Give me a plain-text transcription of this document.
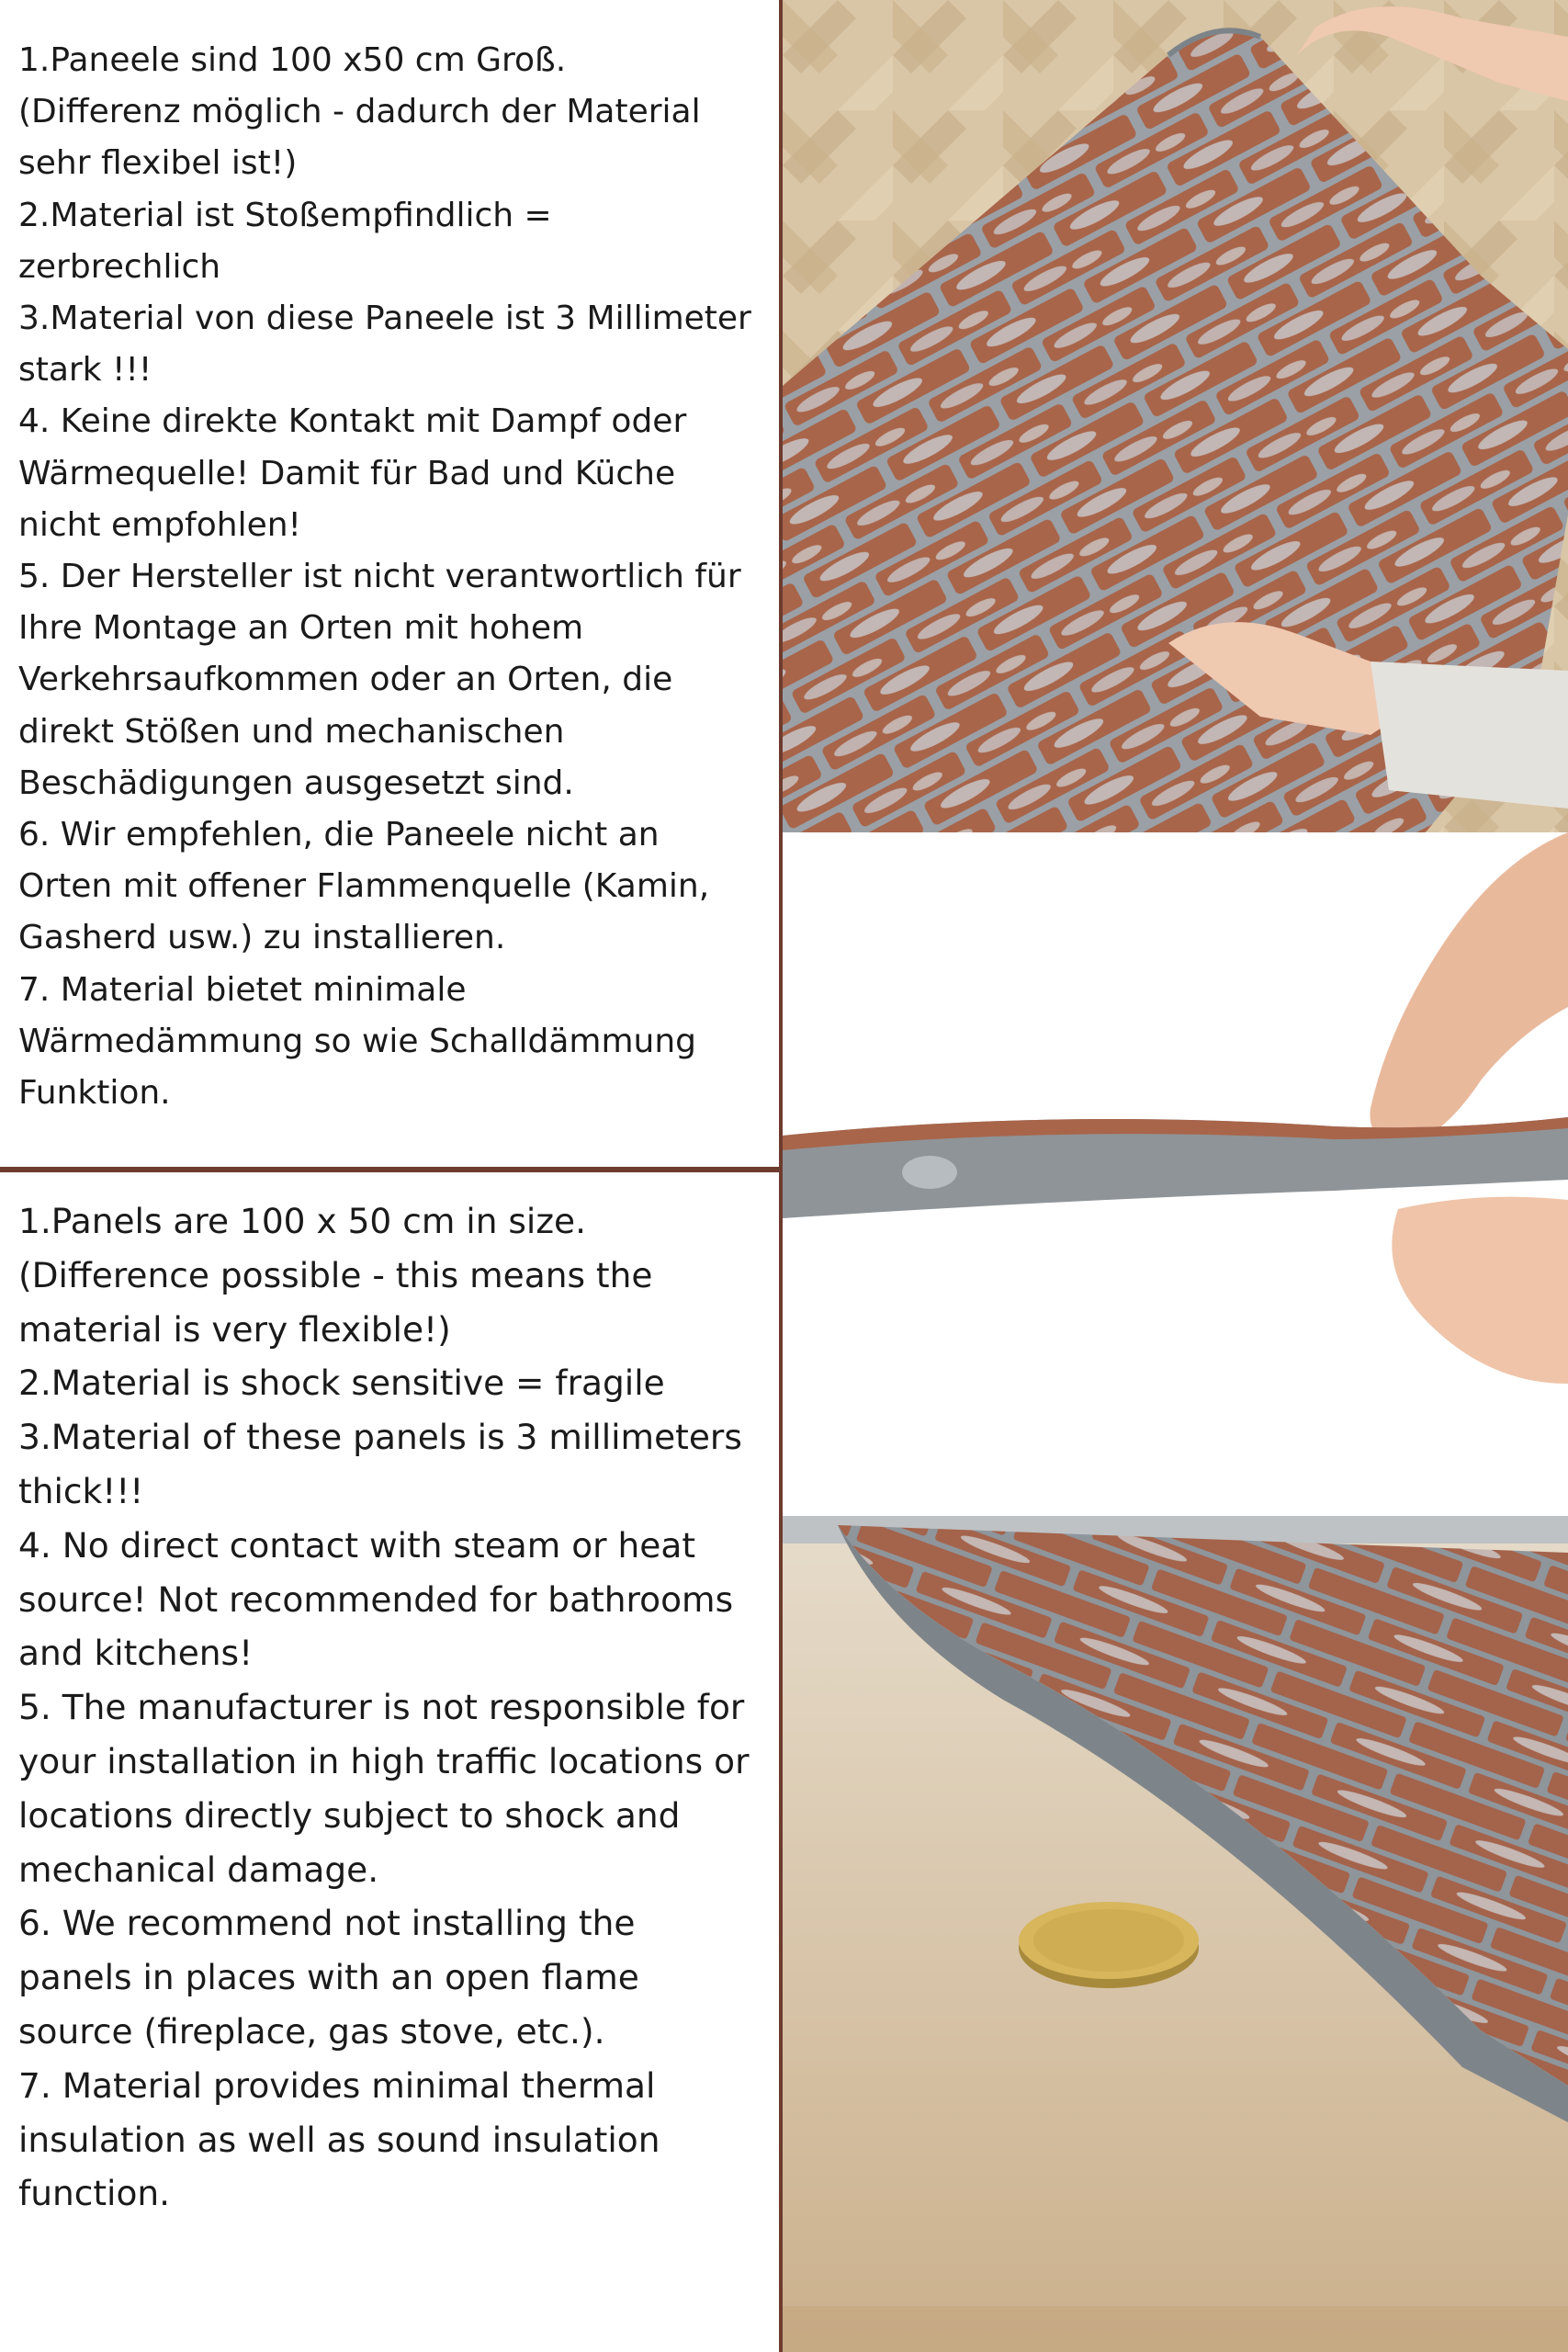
1.Paneele sind 100 x50 cm Groß.

(Differenz möglich - dadurch der Material

sehr flexibel ist!)

2.Material ist Stoßempfindlich =

zerbrechlich

3.Material von diese Paneele ist 3 Millimeter

stark !!!

4. Keine direkte Kontakt mit Dampf oder

Wärmequelle! Damit für Bad und Küche

nicht empfohlen!

5. Der Hersteller ist nicht verantwortlich für

Ihre Montage an Orten mit hohem

Verkehrsaufkommen oder an Orten, die

direkt Stößen und mechanischen

Beschädigungen ausgesetzt sind.

6. Wir empfehlen, die Paneele nicht an

Orten mit offener Flammenquelle (Kamin,

Gasherd usw.) zu installieren.

7. Material bietet minimale

Wärmedämmung so wie Schalldämmung

Funktion.

1.Panels are 100 x 50 cm in size.

(Difference possible - this means the

material is very flexible!)

2.Material is shock sensitive = fragile

3.Material of these panels is 3 millimeters

thick!!!

4. No direct contact with steam or heat

source! Not recommended for bathrooms

and kitchens!

5. The manufacturer is not responsible for

your installation in high traffic locations or

locations directly subject to shock and

mechanical damage.

6. We recommend not installing the

panels in places with an open flame

source (fireplace, gas stove, etc.).

7. Material provides minimal thermal

insulation as well as sound insulation

function.
